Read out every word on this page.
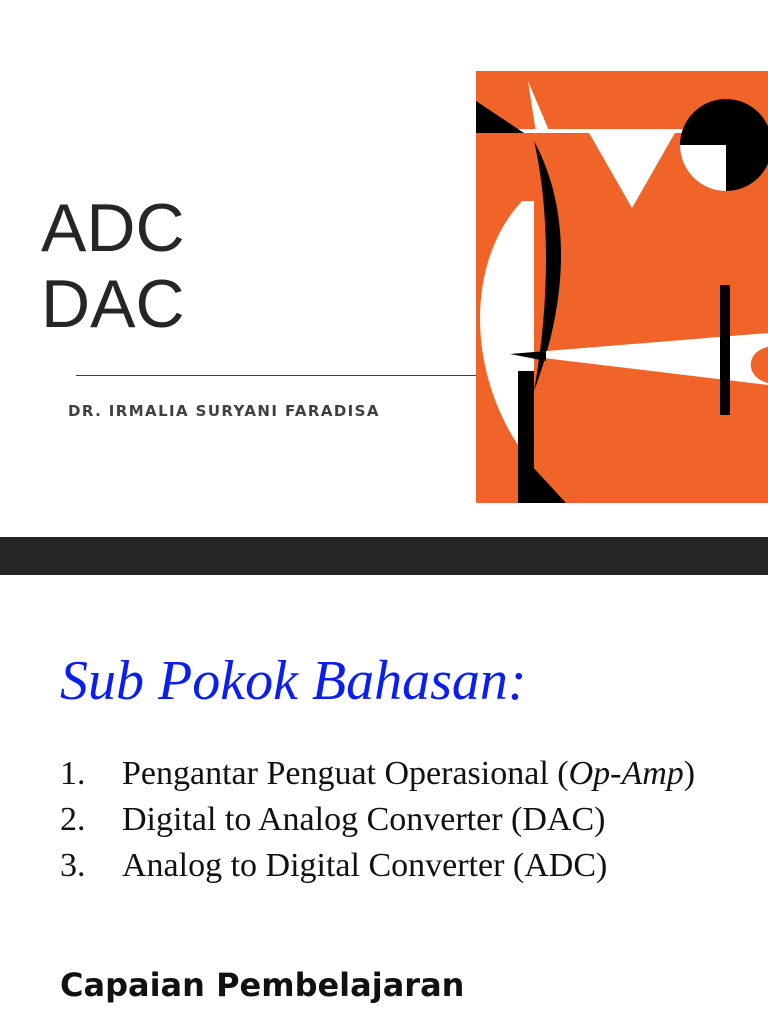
ADC
DAC
DR. IRMALIA SURYANI FARADISA
Sub Pokok Bahasan:
1. Pengantar Penguat Operasional (Op-Amp)
2. Digital to Analog Converter (DAC)
3. Analog to Digital Converter (ADC)
Capaian Pembelajaran
